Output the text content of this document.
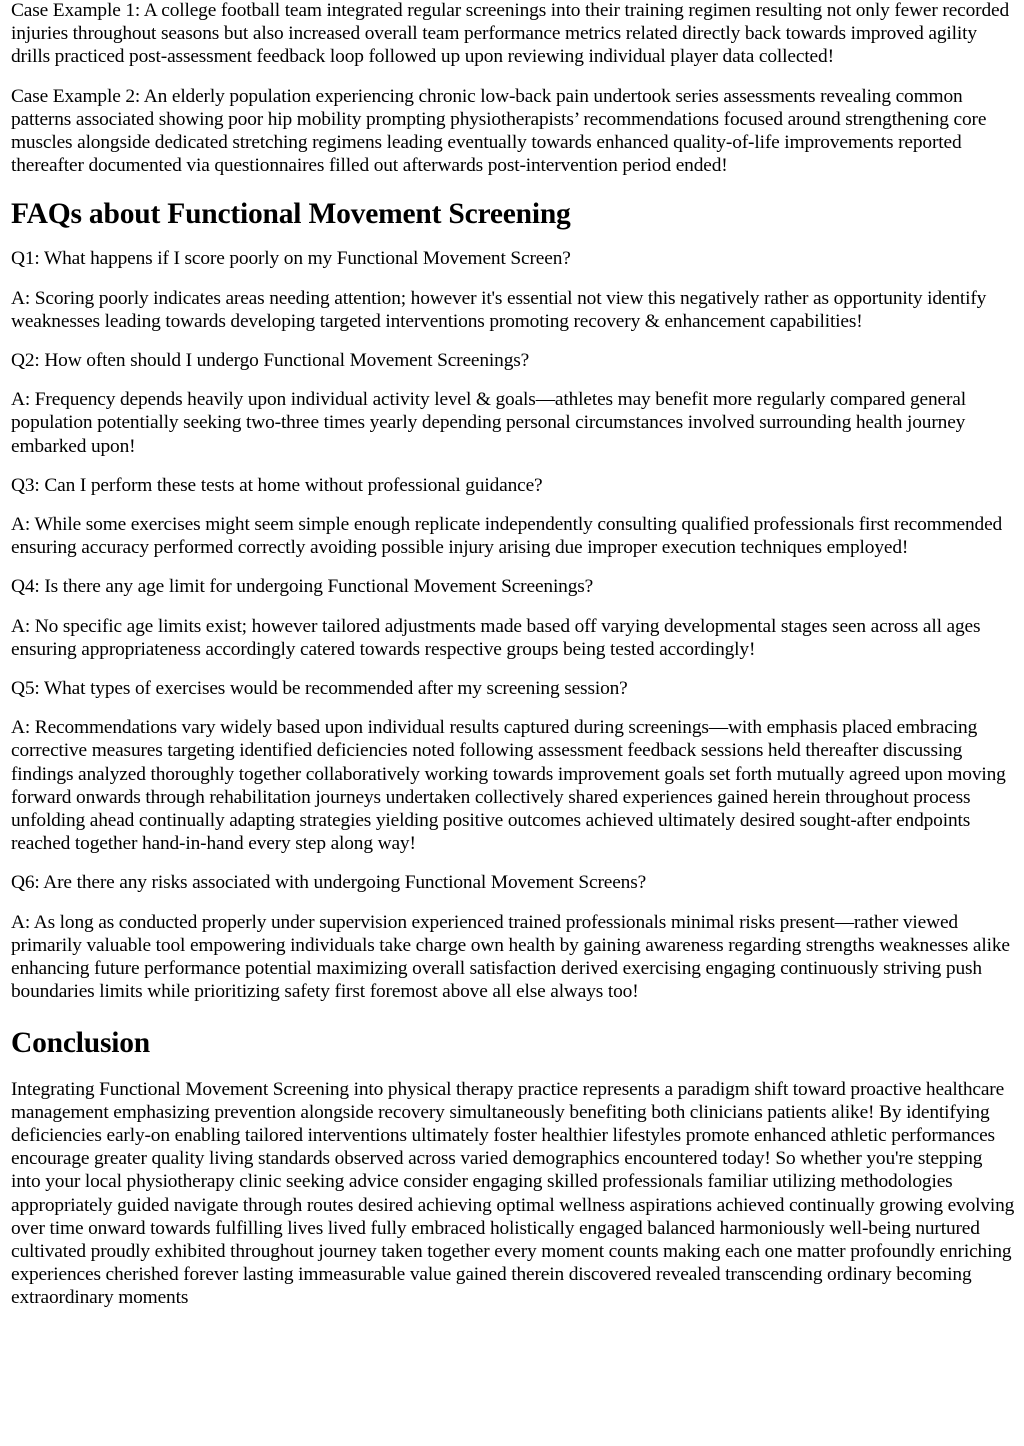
Case Example 1: A college football team integrated regular screenings into their training regimen resulting not only fewer recorded injuries throughout seasons but also increased overall team performance metrics related directly back towards improved agility drills practiced post-assessment feedback loop followed up upon reviewing individual player data collected!

Case Example 2: An elderly population experiencing chronic low-back pain undertook series assessments revealing common patterns associated showing poor hip mobility prompting physiotherapists’ recommendations focused around strengthening core muscles alongside dedicated stretching regimens leading eventually towards enhanced quality-of-life improvements reported thereafter documented via questionnaires filled out afterwards post-intervention period ended!

FAQs about Functional Movement Screening

Q1: What happens if I score poorly on my Functional Movement Screen?

A: Scoring poorly indicates areas needing attention; however it's essential not view this negatively rather as opportunity identify weaknesses leading towards developing targeted interventions promoting recovery & enhancement capabilities!

Q2: How often should I undergo Functional Movement Screenings?

A: Frequency depends heavily upon individual activity level & goals—athletes may benefit more regularly compared general population potentially seeking two-three times yearly depending personal circumstances involved surrounding health journey embarked upon!

Q3: Can I perform these tests at home without professional guidance?

A: While some exercises might seem simple enough replicate independently consulting qualified professionals first recommended ensuring accuracy performed correctly avoiding possible injury arising due improper execution techniques employed!

Q4: Is there any age limit for undergoing Functional Movement Screenings?

A: No specific age limits exist; however tailored adjustments made based off varying developmental stages seen across all ages ensuring appropriateness accordingly catered towards respective groups being tested accordingly!

Q5: What types of exercises would be recommended after my screening session?

A: Recommendations vary widely based upon individual results captured during screenings—with emphasis placed embracing corrective measures targeting identified deficiencies noted following assessment feedback sessions held thereafter discussing findings analyzed thoroughly together collaboratively working towards improvement goals set forth mutually agreed upon moving forward onwards through rehabilitation journeys undertaken collectively shared experiences gained herein throughout process unfolding ahead continually adapting strategies yielding positive outcomes achieved ultimately desired sought-after endpoints reached together hand-in-hand every step along way!

Q6: Are there any risks associated with undergoing Functional Movement Screens?

A: As long as conducted properly under supervision experienced trained professionals minimal risks present—rather viewed primarily valuable tool empowering individuals take charge own health by gaining awareness regarding strengths weaknesses alike enhancing future performance potential maximizing overall satisfaction derived exercising engaging continuously striving push boundaries limits while prioritizing safety first foremost above all else always too!

Conclusion

Integrating Functional Movement Screening into physical therapy practice represents a paradigm shift toward proactive healthcare management emphasizing prevention alongside recovery simultaneously benefiting both clinicians patients alike! By identifying deficiencies early-on enabling tailored interventions ultimately foster healthier lifestyles promote enhanced athletic performances encourage greater quality living standards observed across varied demographics encountered today! So whether you're stepping into your local physiotherapy clinic seeking advice consider engaging skilled professionals familiar utilizing methodologies appropriately guided navigate through routes desired achieving optimal wellness aspirations achieved continually growing evolving over time onward towards fulfilling lives lived fully embraced holistically engaged balanced harmoniously well-being nurtured cultivated proudly exhibited throughout journey taken together every moment counts making each one matter profoundly enriching experiences cherished forever lasting immeasurable value gained therein discovered revealed transcending ordinary becoming extraordinary moments
